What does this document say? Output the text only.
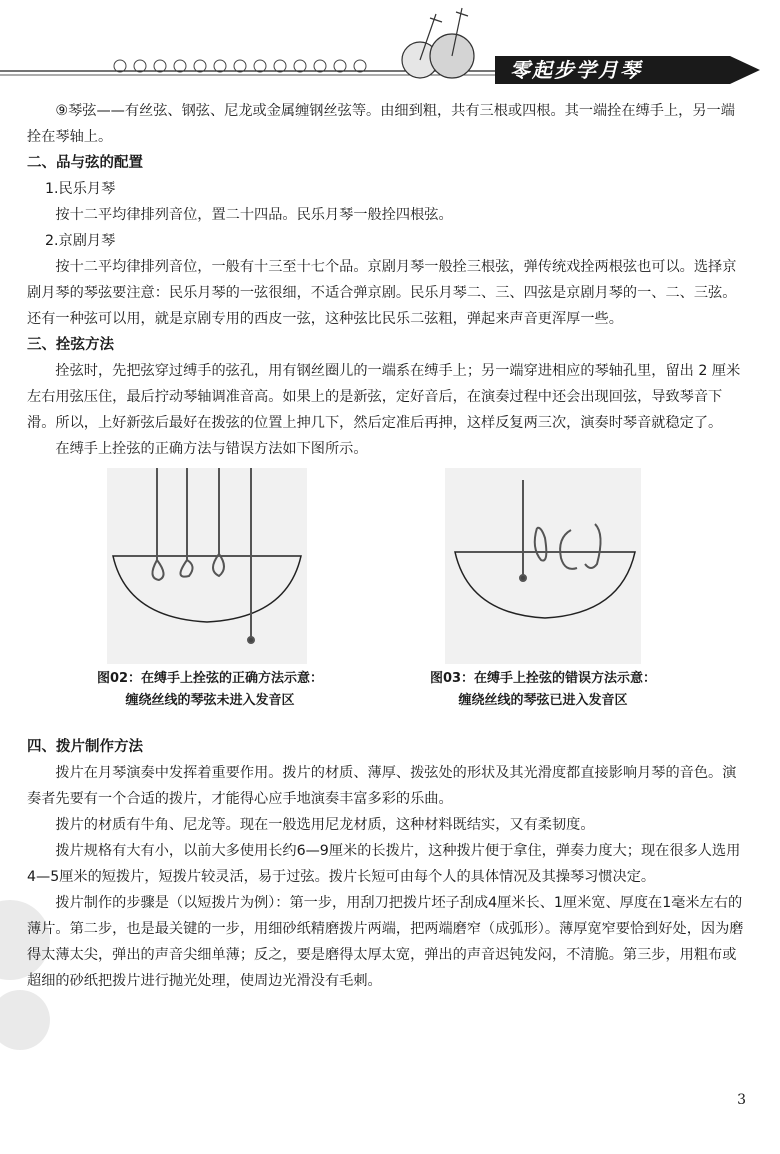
零起步学月琴

⑨琴弦——有丝弦、钢弦、尼龙或金属缠钢丝弦等。由细到粗，共有三根或四根。其一端拴在缚手上，另一端拴在琴轴上。

二、品与弦的配置

1.民乐月琴

按十二平均律排列音位，置二十四品。民乐月琴一般拴四根弦。

2.京剧月琴

按十二平均律排列音位，一般有十三至十七个品。京剧月琴一般拴三根弦，弹传统戏拴两根弦也可以。选择京剧月琴的琴弦要注意：民乐月琴的一弦很细，不适合弹京剧。民乐月琴二、三、四弦是京剧月琴的一、二、三弦。还有一种弦可以用，就是京剧专用的西皮一弦，这种弦比民乐二弦粗，弹起来声音更浑厚一些。

三、拴弦方法

拴弦时，先把弦穿过缚手的弦孔，用有钢丝圈儿的一端系在缚手上；另一端穿进相应的琴轴孔里，留出 2 厘米左右用弦压住，最后拧动琴轴调准音高。如果上的是新弦，定好音后，在演奏过程中还会出现回弦，导致琴音下滑。所以，上好新弦后最好在拨弦的位置上抻几下，然后定准后再抻，这样反复两三次，演奏时琴音就稳定了。

在缚手上拴弦的正确方法与错误方法如下图所示。

图02：在缚手上拴弦的正确方法示意：
缠绕丝线的琴弦未进入发音区
图03：在缚手上拴弦的错误方法示意：
缠绕丝线的琴弦已进入发音区

四、拨片制作方法

拨片在月琴演奏中发挥着重要作用。拨片的材质、薄厚、拨弦处的形状及其光滑度都直接影响月琴的音色。演奏者先要有一个合适的拨片，才能得心应手地演奏丰富多彩的乐曲。

拨片的材质有牛角、尼龙等。现在一般选用尼龙材质，这种材料既结实，又有柔韧度。

拨片规格有大有小，以前大多使用长约6—9厘米的长拨片，这种拨片便于拿住，弹奏力度大；现在很多人选用4—5厘米的短拨片，短拨片较灵活，易于过弦。拨片长短可由每个人的具体情况及其操琴习惯决定。

拨片制作的步骤是（以短拨片为例）：第一步，用刮刀把拨片坯子刮成4厘米长、1厘米宽、厚度在1毫米左右的薄片。第二步，也是最关键的一步，用细砂纸精磨拨片两端，把两端磨窄（成弧形）。薄厚宽窄要恰到好处，因为磨得太薄太尖，弹出的声音尖细单薄；反之，要是磨得太厚太宽，弹出的声音迟钝发闷，不清脆。第三步，用粗布或超细的砂纸把拨片进行抛光处理，使周边光滑没有毛刺。

3
